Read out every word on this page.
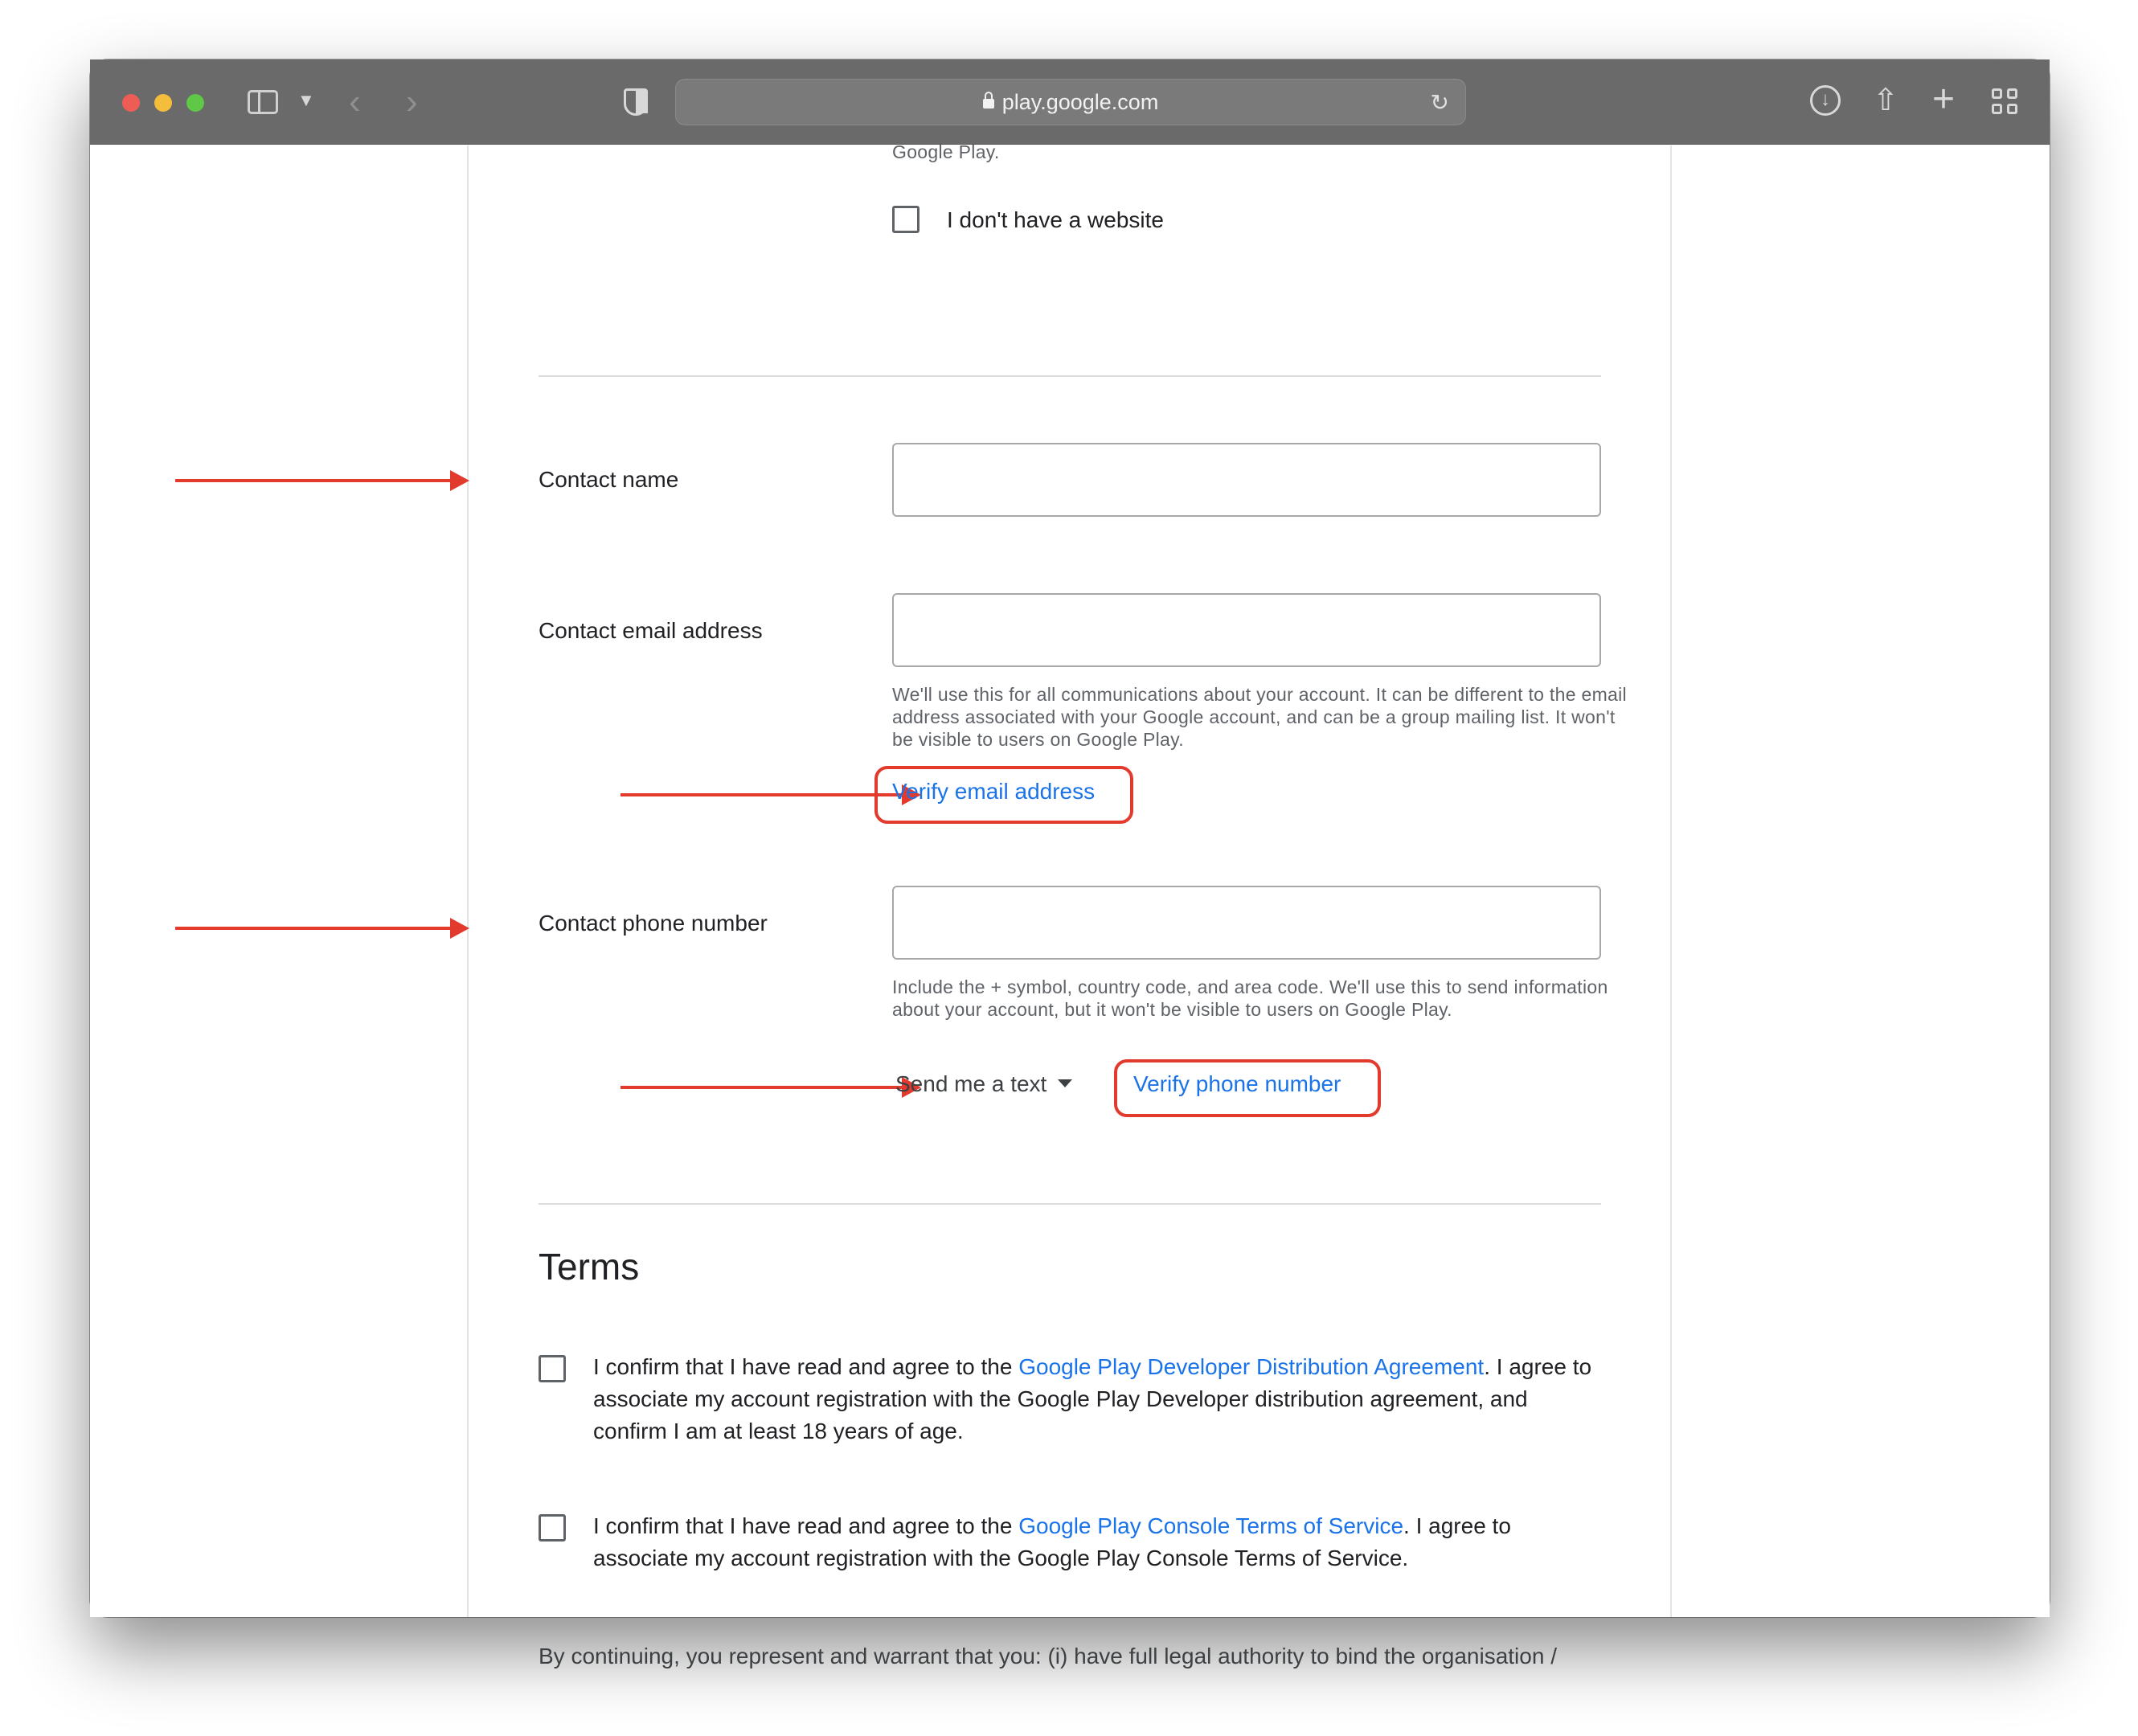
▼ ‹ ›	play.google.com	↻	↓	⇧ +
Google Play.
I don't have a website
Contact name
Contact email address
We'll use this for all communications about your account. It can be different to the email address associated with your Google account, and can be a group mailing list. It won't be visible to users on Google Play.
Verify email address
Contact phone number
Include the + symbol, country code, and area code. We'll use this to send information about your account, but it won't be visible to users on Google Play.
Send me a text	Verify phone number
Terms
I confirm that I have read and agree to the Google Play Developer Distribution Agreement. I agree to associate my account registration with the Google Play Developer distribution agreement, and confirm I am at least 18 years of age.
I confirm that I have read and agree to the Google Play Console Terms of Service. I agree to associate my account registration with the Google Play Console Terms of Service.
By continuing, you represent and warrant that you: (i) have full legal authority to bind the organisation /
